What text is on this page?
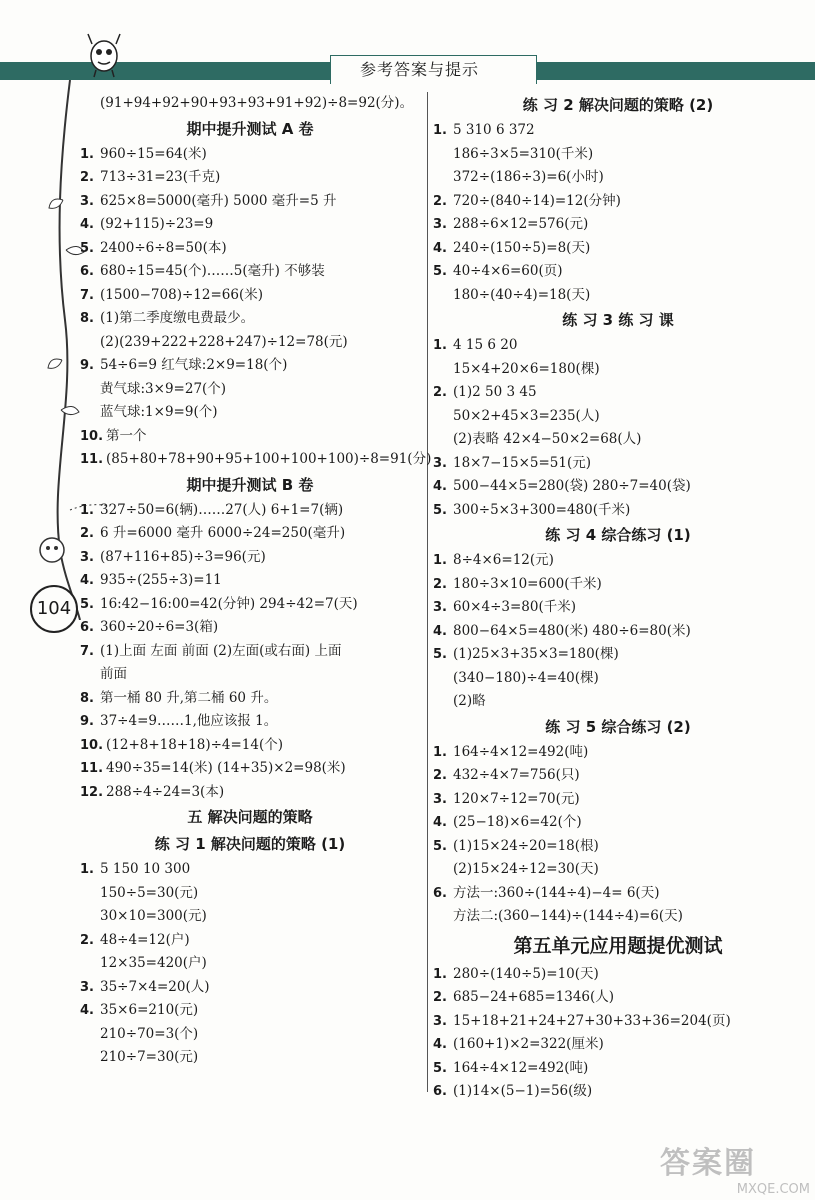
参考答案与提示
104
(91+94+92+90+93+93+91+92)÷8=92(分)。
期中提升测试 A 卷
1. 960÷15=64(米)
2. 713÷31=23(千克)
3. 625×8=5000(毫升) 5000 毫升=5 升
4. (92+115)÷23=9
5. 2400÷6÷8=50(本)
6. 680÷15=45(个)……5(毫升) 不够装
7. (1500−708)÷12=66(米)
8. (1)第二季度缴电费最少。
(2)(239+222+228+247)÷12=78(元)
9. 54÷6=9 红气球:2×9=18(个)
黄气球:3×9=27(个)
蓝气球:1×9=9(个)
10. 第一个
11. (85+80+78+90+95+100+100+100)÷8=91(分)
期中提升测试 B 卷
1. 327÷50=6(辆)……27(人) 6+1=7(辆)
2. 6 升=6000 毫升 6000÷24=250(毫升)
3. (87+116+85)÷3=96(元)
4. 935÷(255÷3)=11
5. 16:42−16:00=42(分钟) 294÷42=7(天)
6. 360÷20÷6=3(箱)
7. (1)上面 左面 前面 (2)左面(或右面) 上面
前面
8. 第一桶 80 升,第二桶 60 升。
9. 37÷4=9……1,他应该报 1。
10. (12+8+18+18)÷4=14(个)
11. 490÷35=14(米) (14+35)×2=98(米)
12. 288÷4÷24=3(本)
五 解决问题的策略
练 习 1 解决问题的策略 (1)
1. 5 150 10 300
150÷5=30(元)
30×10=300(元)
2. 48÷4=12(户)
12×35=420(户)
3. 35÷7×4=20(人)
4. 35×6=210(元)
210÷70=3(个)
210÷7=30(元)
练 习 2 解决问题的策略 (2)
1. 5 310 6 372
186÷3×5=310(千米)
372÷(186÷3)=6(小时)
2. 720÷(840÷14)=12(分钟)
3. 288÷6×12=576(元)
4. 240÷(150÷5)=8(天)
5. 40÷4×6=60(页)
180÷(40÷4)=18(天)
练 习 3 练 习 课
1. 4 15 6 20
15×4+20×6=180(棵)
2. (1)2 50 3 45
50×2+45×3=235(人)
(2)表略 42×4−50×2=68(人)
3. 18×7−15×5=51(元)
4. 500−44×5=280(袋) 280÷7=40(袋)
5. 300÷5×3+300=480(千米)
练 习 4 综合练习 (1)
1. 8÷4×6=12(元)
2. 180÷3×10=600(千米)
3. 60×4÷3=80(千米)
4. 800−64×5=480(米) 480÷6=80(米)
5. (1)25×3+35×3=180(棵)
(340−180)÷4=40(棵)
(2)略
练 习 5 综合练习 (2)
1. 164÷4×12=492(吨)
2. 432÷4×7=756(只)
3. 120×7÷12=70(元)
4. (25−18)×6=42(个)
5. (1)15×24÷20=18(根)
(2)15×24÷12=30(天)
6. 方法一:360÷(144÷4)−4= 6(天)
方法二:(360−144)÷(144÷4)=6(天)
第五单元应用题提优测试
1. 280÷(140÷5)=10(天)
2. 685−24+685=1346(人)
3. 15+18+21+24+27+30+33+36=204(页)
4. (160+1)×2=322(厘米)
5. 164÷4×12=492(吨)
6. (1)14×(5−1)=56(级)
答案圈
MXQE.COM
